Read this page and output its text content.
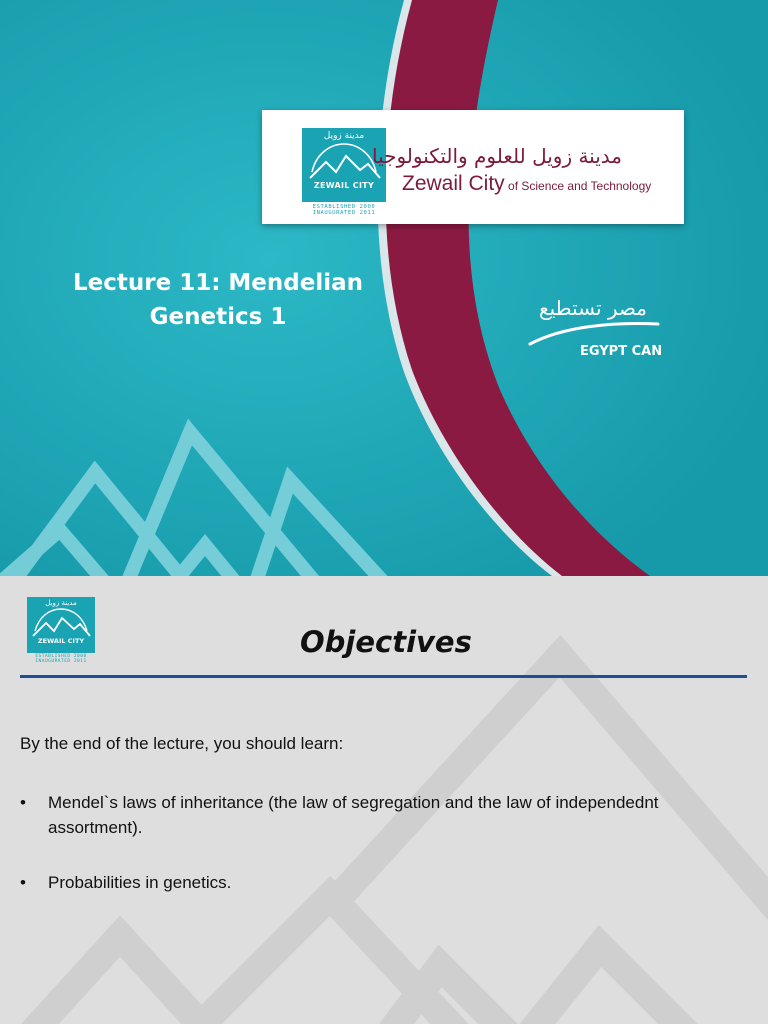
مدينة زويل
ZEWAIL CITY
ESTABLISHED 2000
INAUGURATED 2011
مدينة زويل للعلوم والتكنولوجيا
Zewail City of Science and Technology
Lecture 11: Mendelian
Genetics 1	مصر تستطيع
EGYPT CAN
مدينة زويل
ZEWAIL CITY
ESTABLISHED 2000
INAUGURATED 2011
Objectives
By the end of the lecture, you should learn:
• Mendel`s laws of inheritance (the law of segregation and the law of independednt assortment).
• Probabilities in genetics.
